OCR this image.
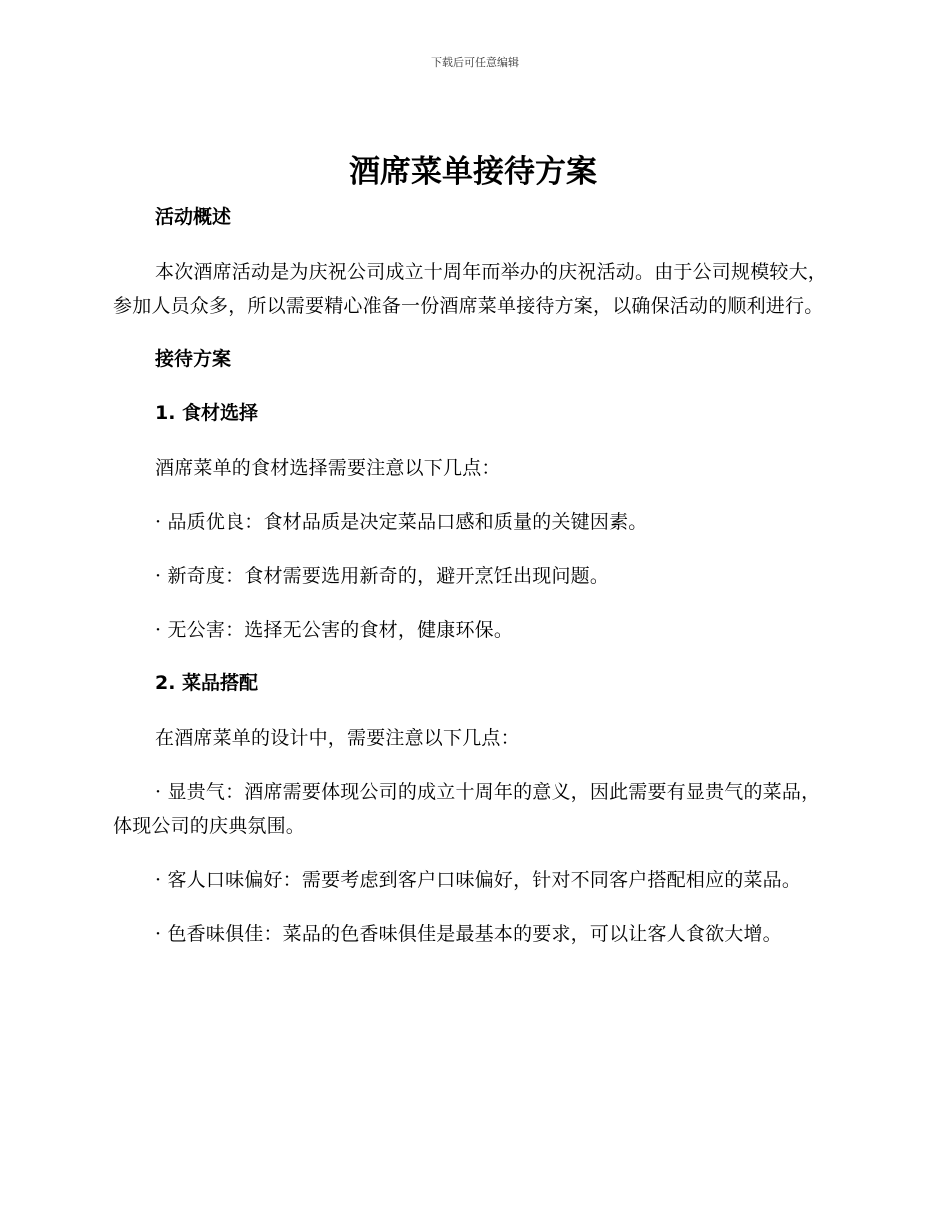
下载后可任意编辑
酒席菜单接待方案
活动概述

本次酒席活动是为庆祝公司成立十周年而举办的庆祝活动。由于公司规模较大，参加人员众多，所以需要精心准备一份酒席菜单接待方案，以确保活动的顺利进行。

接待方案
1. 食材选择

酒席菜单的食材选择需要注意以下几点：

· 品质优良：食材品质是决定菜品口感和质量的关键因素。

· 新奇度：食材需要选用新奇的，避开烹饪出现问题。

· 无公害：选择无公害的食材，健康环保。

2. 菜品搭配

在酒席菜单的设计中，需要注意以下几点：

· 显贵气：酒席需要体现公司的成立十周年的意义，因此需要有显贵气的菜品，体现公司的庆典氛围。

· 客人口味偏好：需要考虑到客户口味偏好，针对不同客户搭配相应的菜品。

· 色香味俱佳：菜品的色香味俱佳是最基本的要求，可以让客人食欲大增。
